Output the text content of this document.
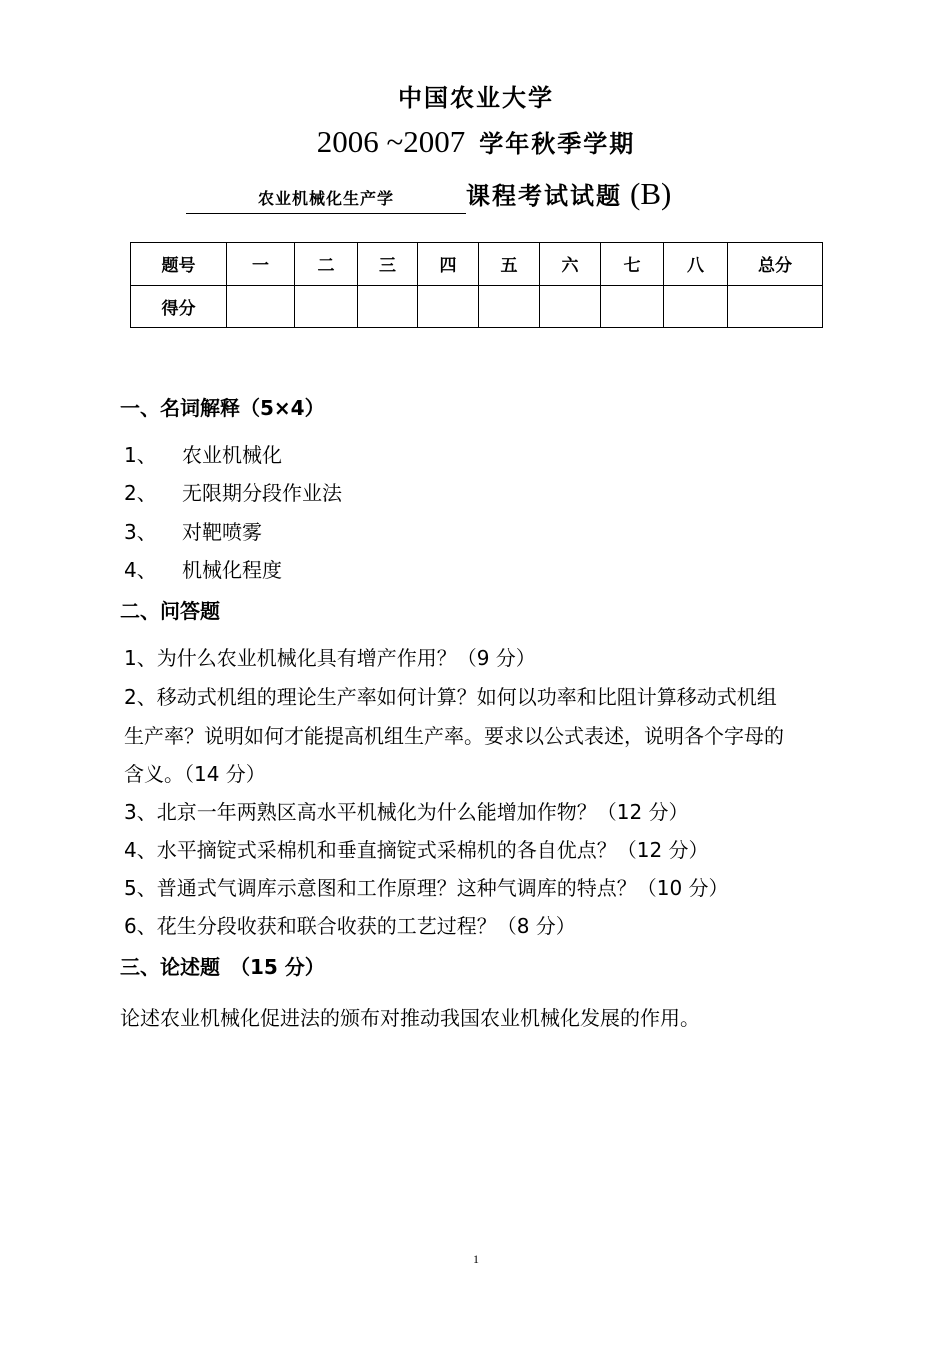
中国农业大学
2006 ~2007 学年秋季学期
农业机械化生产学	课程考试试题 (B)
题号	一	二	三	四	五	六	七	八	总分
得分									
一、名词解释（5×4）
1、 农业机械化
2、 无限期分段作业法
3、 对靶喷雾
4、 机械化程度
二、问答题
1、为什么农业机械化具有增产作用？（9 分）
2、移动式机组的理论生产率如何计算？如何以功率和比阻计算移动式机组
生产率？说明如何才能提高机组生产率。要求以公式表述，说明各个字母的
含义。（14 分）
3、北京一年两熟区高水平机械化为什么能增加作物？（12 分）
4、水平摘锭式采棉机和垂直摘锭式采棉机的各自优点？（12 分）
5、普通式气调库示意图和工作原理？这种气调库的特点？（10 分）
6、花生分段收获和联合收获的工艺过程？（8 分）
三、论述题　（15 分）
论述农业机械化促进法的颁布对推动我国农业机械化发展的作用。
1
